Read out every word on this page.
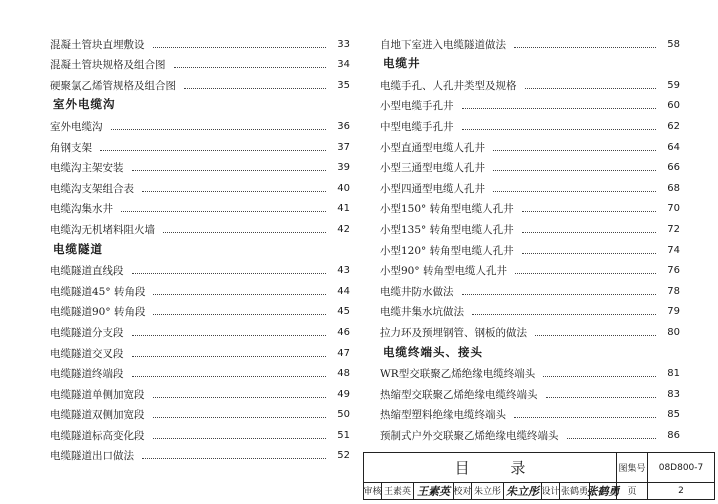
混凝土管块直埋敷设	33
混凝土管块规格及组合图	34
硬聚氯乙烯管规格及组合图	35
室外电缆沟
室外电缆沟	36
角钢支架	37
电缆沟主架安装	39
电缆沟支架组合表	40
电缆沟集水井	41
电缆沟无机堵料阻火墙	42
电缆隧道
电缆隧道直线段	43
电缆隧道45° 转角段	44
电缆隧道90° 转角段	45
电缆隧道分支段	46
电缆隧道交叉段	47
电缆隧道终端段	48
电缆隧道单侧加宽段	49
电缆隧道双侧加宽段	50
电缆隧道标高变化段	51
电缆隧道出口做法	52
自地下室进入电缆隧道做法	58
电缆井
电缆手孔、人孔井类型及规格	59
小型电缆手孔井	60
中型电缆手孔井	62
小型直通型电缆人孔井	64
小型三通型电缆人孔井	66
小型四通型电缆人孔井	68
小型150° 转角型电缆人孔井	70
小型135° 转角型电缆人孔井	72
小型120° 转角型电缆人孔井	74
小型90° 转角型电缆人孔井	76
电缆井防水做法	78
电缆井集水坑做法	79
拉力环及预埋钢管、钢板的做法	80
电缆终端头、接头
WR型交联聚乙烯绝缘电缆终端头	81
热缩型交联聚乙烯绝缘电缆终端头	83
热缩型塑料绝缘电缆终端头	85
预制式户外交联聚乙烯绝缘电缆终端头	86
目 录	图集号 08D800-7
审核 王素英 王素英 校对 朱立彤 朱立彤 设计 张鹤勇
张鹤勇 页	2
